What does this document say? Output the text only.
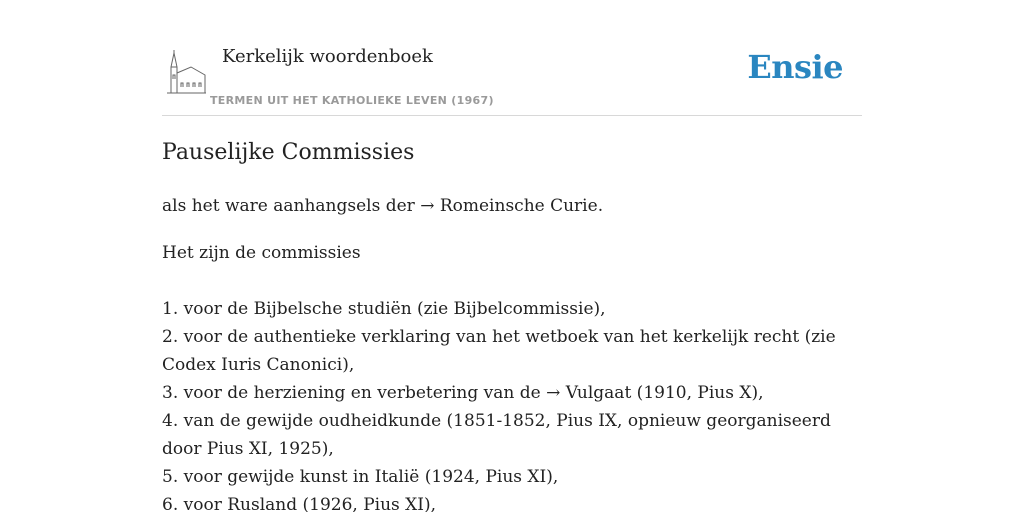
Kerkelijk woordenboek
TERMEN UIT HET KATHOLIEKE LEVEN (1967)
Ensie
Pauselijke Commissies

als het ware aanhangsels der → Romeinsche Curie.

Het zijn de commissies

1. voor de Bijbelsche studiën (zie Bijbelcommissie),
2. voor de authentieke verklaring van het wetboek van het kerkelijk recht (zie Codex Iuris Canonici),
3. voor de herziening en verbetering van de → Vulgaat (1910, Pius X),
4. van de gewijde oudheidkunde (1851-1852, Pius IX, opnieuw georganiseerd door Pius XI, 1925),
5. voor gewijde kunst in Italië (1924, Pius XI),
6. voor Rusland (1926, Pius XI),
